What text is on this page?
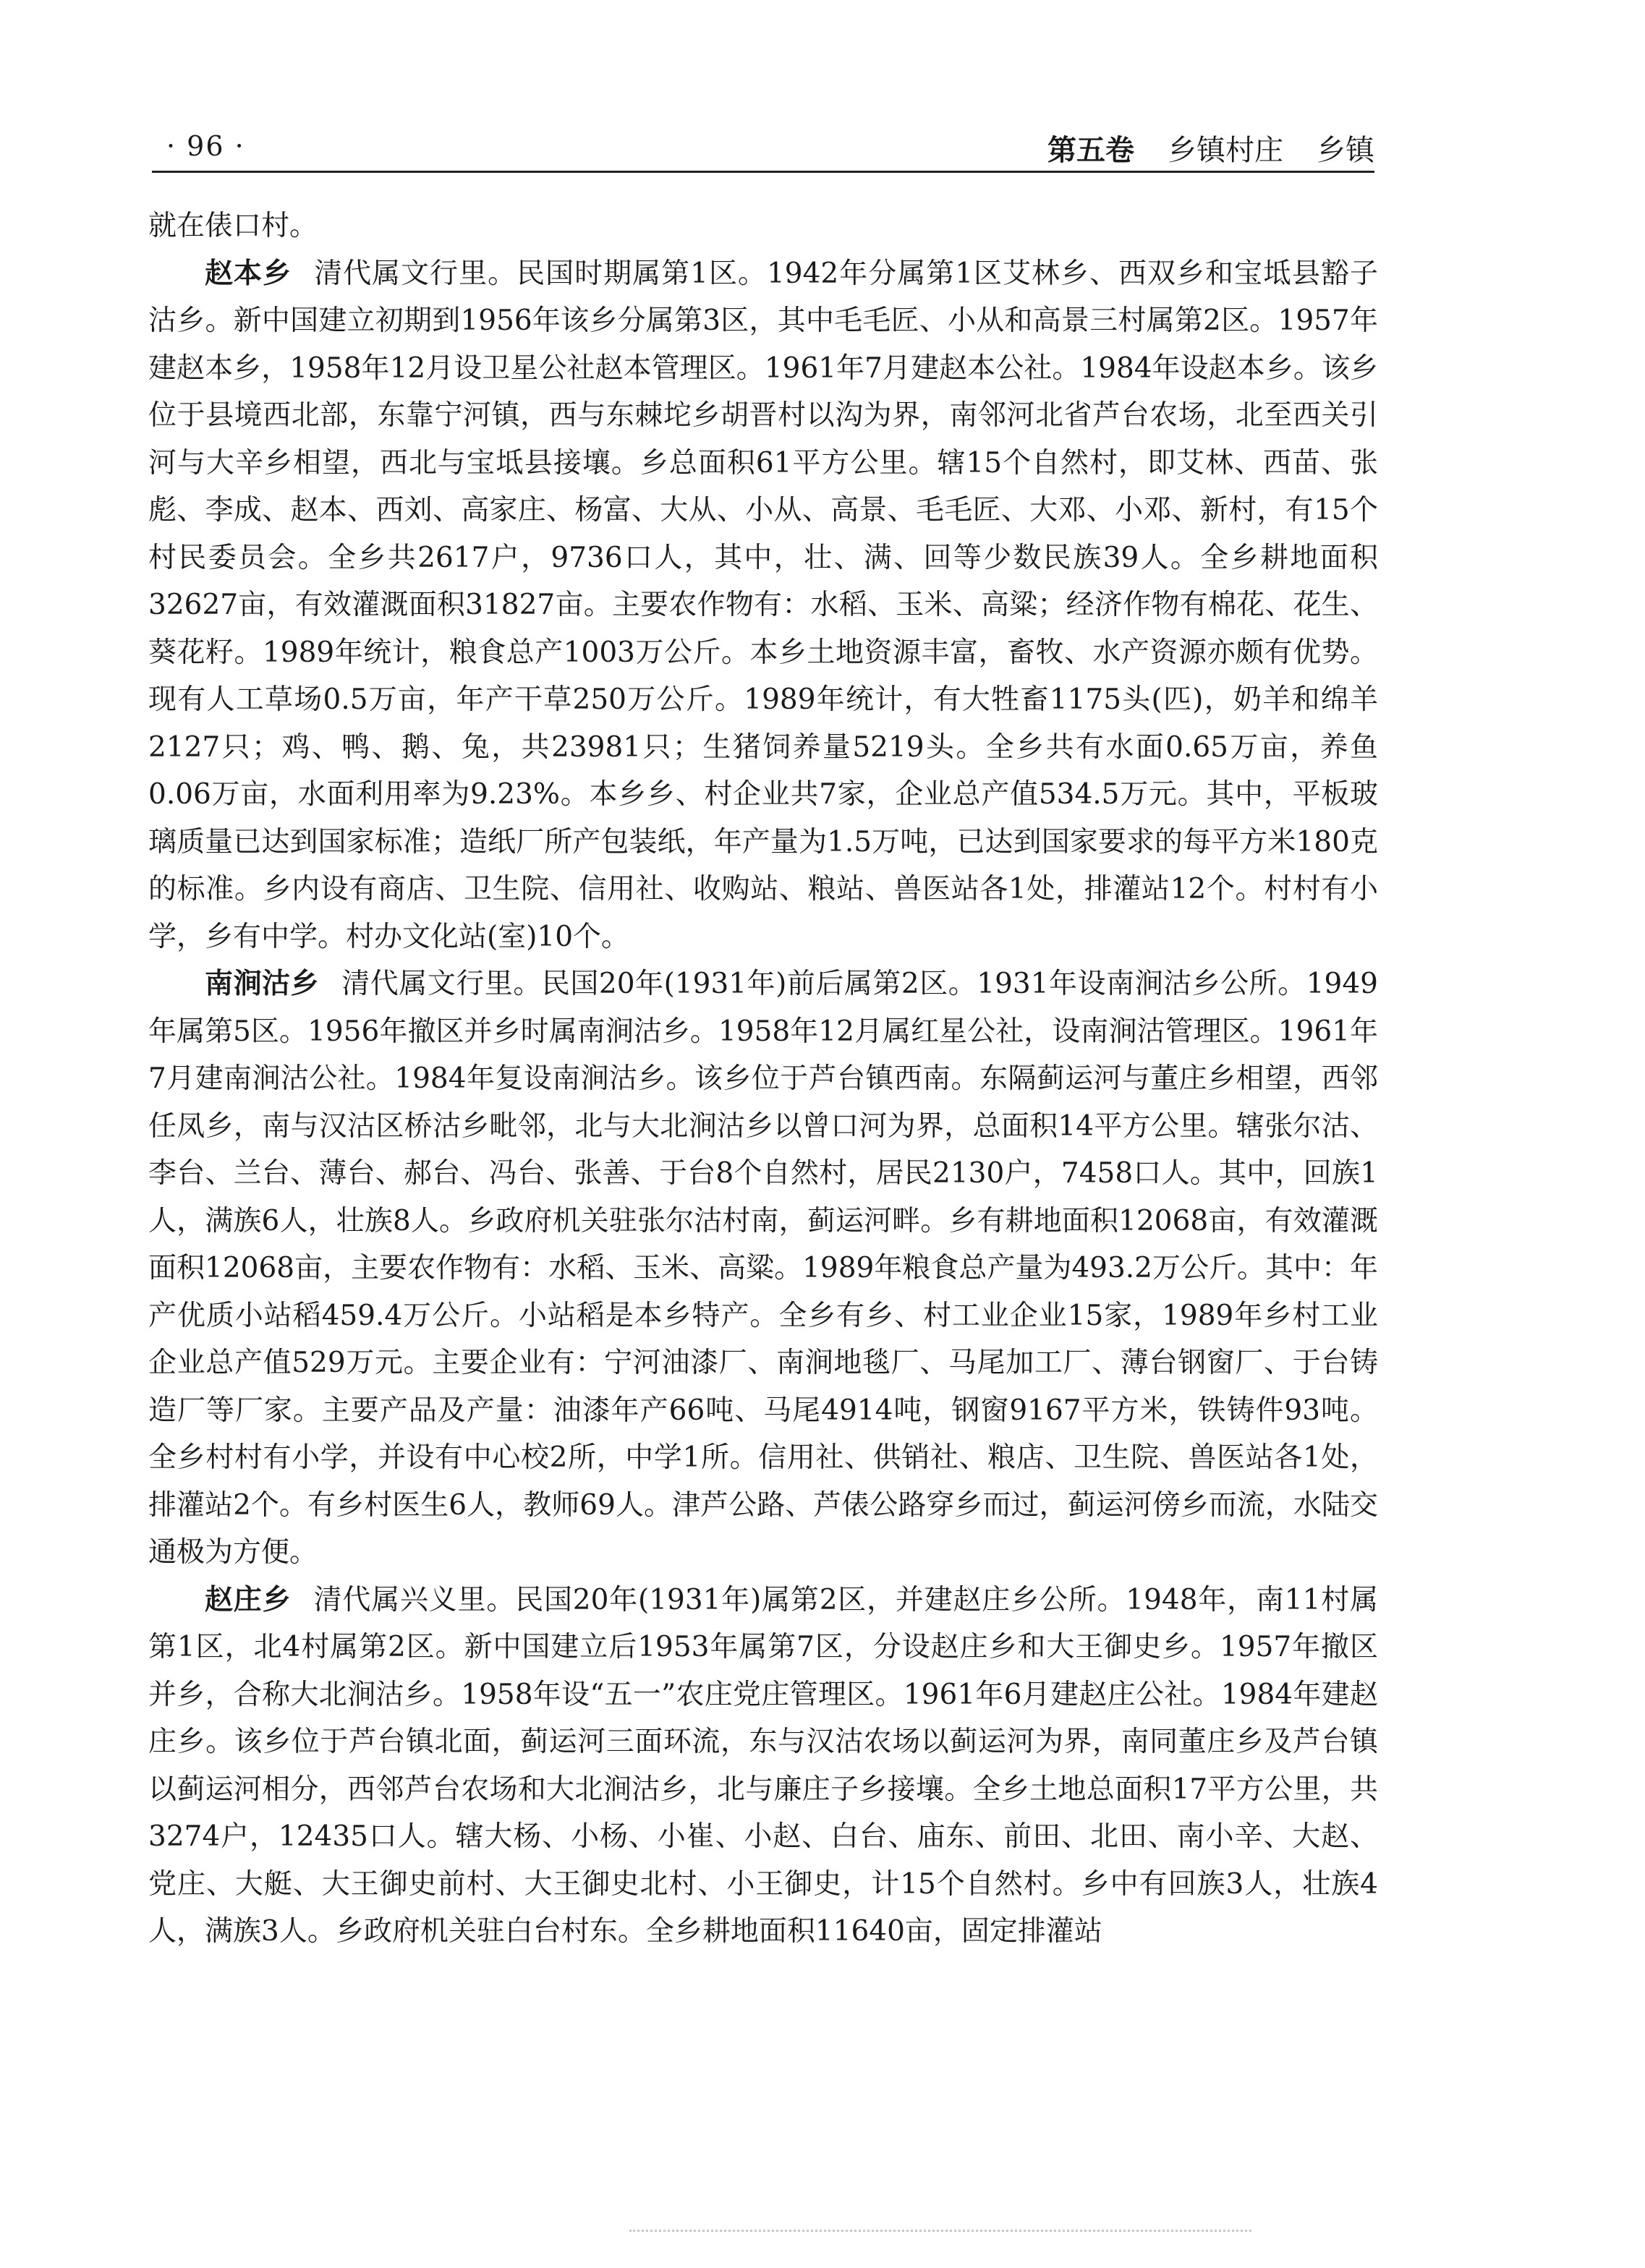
· 96 ·	第五卷 乡镇村庄 乡镇

就在俵口村。

赵本乡 清代属文行里。民国时期属第1区。1942年分属第1区艾林乡、西双乡和宝坻县豁子沽乡。新中国建立初期到1956年该乡分属第3区，其中毛毛匠、小从和高景三村属第2区。1957年建赵本乡，1958年12月设卫星公社赵本管理区。1961年7月建赵本公社。1984年设赵本乡。该乡位于县境西北部，东靠宁河镇，西与东棘坨乡胡晋村以沟为界，南邻河北省芦台农场，北至西关引河与大辛乡相望，西北与宝坻县接壤。乡总面积61平方公里。辖15个自然村，即艾林、西苗、张彪、李成、赵本、西刘、高家庄、杨富、大从、小从、高景、毛毛匠、大邓、小邓、新村，有15个村民委员会。全乡共2617户，9736口人，其中，壮、满、回等少数民族39人。全乡耕地面积32627亩，有效灌溉面积31827亩。主要农作物有：水稻、玉米、高粱；经济作物有棉花、花生、葵花籽。1989年统计，粮食总产1003万公斤。本乡土地资源丰富，畜牧、水产资源亦颇有优势。现有人工草场0.5万亩，年产干草250万公斤。1989年统计，有大牲畜1175头(匹)，奶羊和绵羊2127只；鸡、鸭、鹅、兔，共23981只；生猪饲养量5219头。全乡共有水面0.65万亩，养鱼0.06万亩，水面利用率为9.23%。本乡乡、村企业共7家，企业总产值534.5万元。其中，平板玻璃质量已达到国家标准；造纸厂所产包装纸，年产量为1.5万吨，已达到国家要求的每平方米180克的标准。乡内设有商店、卫生院、信用社、收购站、粮站、兽医站各1处，排灌站12个。村村有小学，乡有中学。村办文化站(室)10个。

南涧沽乡 清代属文行里。民国20年(1931年)前后属第2区。1931年设南涧沽乡公所。1949年属第5区。1956年撤区并乡时属南涧沽乡。1958年12月属红星公社，设南涧沽管理区。1961年7月建南涧沽公社。1984年复设南涧沽乡。该乡位于芦台镇西南。东隔蓟运河与董庄乡相望，西邻任凤乡，南与汉沽区桥沽乡毗邻，北与大北涧沽乡以曾口河为界，总面积14平方公里。辖张尔沽、李台、兰台、薄台、郝台、冯台、张善、于台8个自然村，居民2130户，7458口人。其中，回族1人，满族6人，壮族8人。乡政府机关驻张尔沽村南，蓟运河畔。乡有耕地面积12068亩，有效灌溉面积12068亩，主要农作物有：水稻、玉米、高粱。1989年粮食总产量为493.2万公斤。其中：年产优质小站稻459.4万公斤。小站稻是本乡特产。全乡有乡、村工业企业15家，1989年乡村工业企业总产值529万元。主要企业有：宁河油漆厂、南涧地毯厂、马尾加工厂、薄台钢窗厂、于台铸造厂等厂家。主要产品及产量：油漆年产66吨、马尾4914吨，钢窗9167平方米，铁铸件93吨。全乡村村有小学，并设有中心校2所，中学1所。信用社、供销社、粮店、卫生院、兽医站各1处，排灌站2个。有乡村医生6人，教师69人。津芦公路、芦俵公路穿乡而过，蓟运河傍乡而流，水陆交通极为方便。

赵庄乡 清代属兴义里。民国20年(1931年)属第2区，并建赵庄乡公所。1948年，南11村属第1区，北4村属第2区。新中国建立后1953年属第7区，分设赵庄乡和大王御史乡。1957年撤区并乡，合称大北涧沽乡。1958年设“五一”农庄党庄管理区。1961年6月建赵庄公社。1984年建赵庄乡。该乡位于芦台镇北面，蓟运河三面环流，东与汉沽农场以蓟运河为界，南同董庄乡及芦台镇以蓟运河相分，西邻芦台农场和大北涧沽乡，北与廉庄子乡接壤。全乡土地总面积17平方公里，共3274户，12435口人。辖大杨、小杨、小崔、小赵、白台、庙东、前田、北田、南小辛、大赵、党庄、大艇、大王御史前村、大王御史北村、小王御史，计15个自然村。乡中有回族3人，壮族4人，满族3人。乡政府机关驻白台村东。全乡耕地面积11640亩，固定排灌站
